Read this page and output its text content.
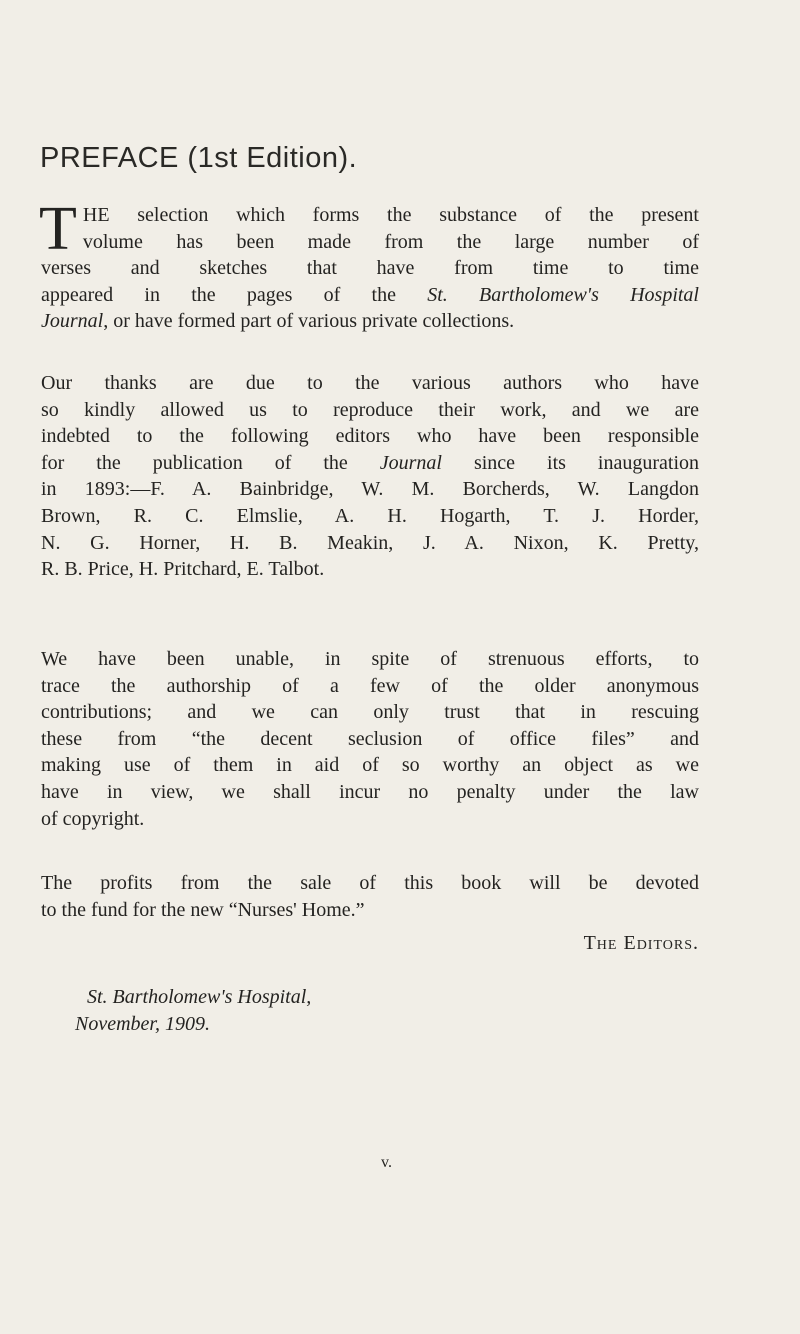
PREFACE (1st Edition).
T HE selection which forms the substance of the present
volume has been made from the large number of
verses and sketches that have from time to time
appeared in the pages of the St. Bartholomew's Hospital
Journal, or have formed part of various private collections.
Our thanks are due to the various authors who have
so kindly allowed us to reproduce their work, and we are
indebted to the following editors who have been responsible
for the publication of the Journal since its inauguration
in 1893:—F. A. Bainbridge, W. M. Borcherds, W. Langdon
Brown, R. C. Elmslie, A. H. Hogarth, T. J. Horder,
N. G. Horner, H. B. Meakin, J. A. Nixon, K. Pretty,
R. B. Price, H. Pritchard, E. Talbot.
We have been unable, in spite of strenuous efforts, to
trace the authorship of a few of the older anonymous
contributions; and we can only trust that in rescuing
these from “the decent seclusion of office files” and
making use of them in aid of so worthy an object as we
have in view, we shall incur no penalty under the law
of copyright.
The profits from the sale of this book will be devoted
to the fund for the new “Nurses' Home.”
The Editors.
St. Bartholomew's Hospital,
November, 1909.
v.
